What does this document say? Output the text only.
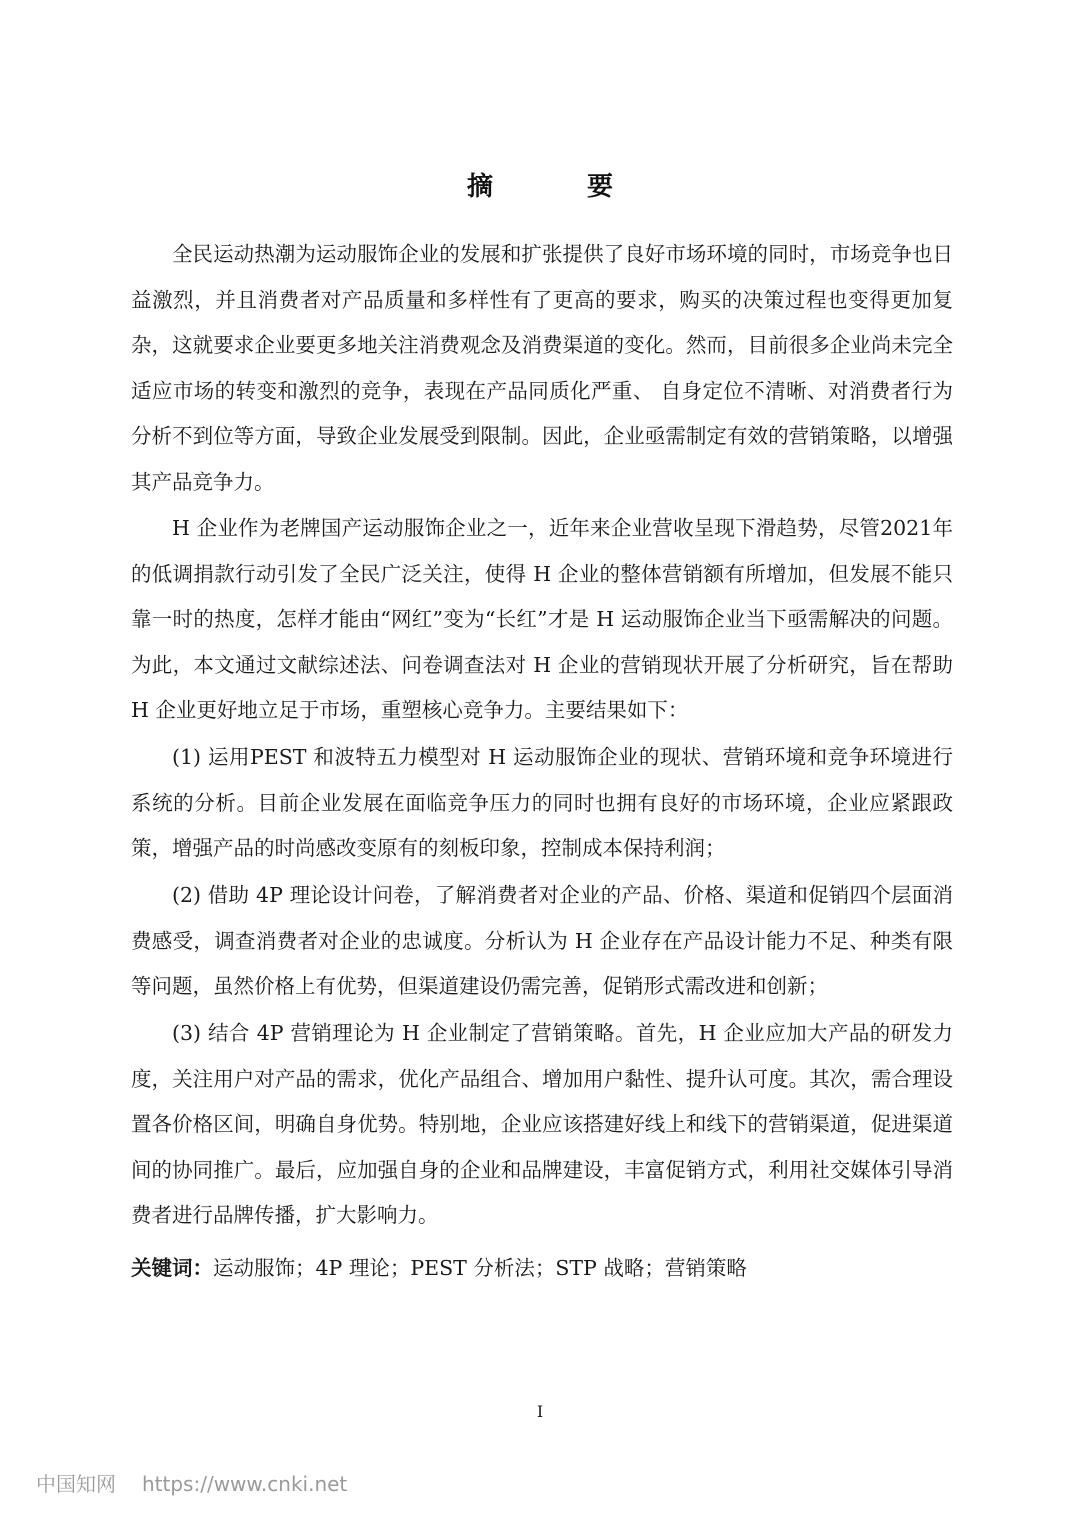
摘　要

全民运动热潮为运动服饰企业的发展和扩张提供了良好市场环境的同时，市场竞争也日益激烈，并且消费者对产品质量和多样性有了更高的要求，购买的决策过程也变得更加复杂，这就要求企业要更多地关注消费观念及消费渠道的变化。然而，目前很多企业尚未完全适应市场的转变和激烈的竞争，表现在产品同质化严重、 自身定位不清晰、对消费者行为分析不到位等方面，导致企业发展受到限制。因此，企业亟需制定有效的营销策略，以增强其产品竞争力。

H 企业作为老牌国产运动服饰企业之一，近年来企业营收呈现下滑趋势，尽管2021年的低调捐款行动引发了全民广泛关注，使得 H 企业的整体营销额有所增加，但发展不能只靠一时的热度，怎样才能由“网红”变为“长红”才是 H 运动服饰企业当下亟需解决的问题。为此，本文通过文献综述法、问卷调查法对 H 企业的营销现状开展了分析研究，旨在帮助 H 企业更好地立足于市场，重塑核心竞争力。主要结果如下：

(1) 运用PEST 和波特五力模型对 H 运动服饰企业的现状、营销环境和竞争环境进行系统的分析。目前企业发展在面临竞争压力的同时也拥有良好的市场环境，企业应紧跟政策，增强产品的时尚感改变原有的刻板印象，控制成本保持利润；

(2) 借助 4P 理论设计问卷，了解消费者对企业的产品、价格、渠道和促销四个层面消费感受，调查消费者对企业的忠诚度。分析认为 H 企业存在产品设计能力不足、种类有限等问题，虽然价格上有优势，但渠道建设仍需完善，促销形式需改进和创新；

(3) 结合 4P 营销理论为 H 企业制定了营销策略。首先，H 企业应加大产品的研发力度，关注用户对产品的需求，优化产品组合、增加用户黏性、提升认可度。其次，需合理设置各价格区间，明确自身优势。特别地，企业应该搭建好线上和线下的营销渠道，促进渠道间的协同推广。最后，应加强自身的企业和品牌建设，丰富促销方式，利用社交媒体引导消费者进行品牌传播，扩大影响力。

关键词：运动服饰；4P 理论；PEST 分析法；STP 战略；营销策略
I
中国知网 https://www.cnki.net
